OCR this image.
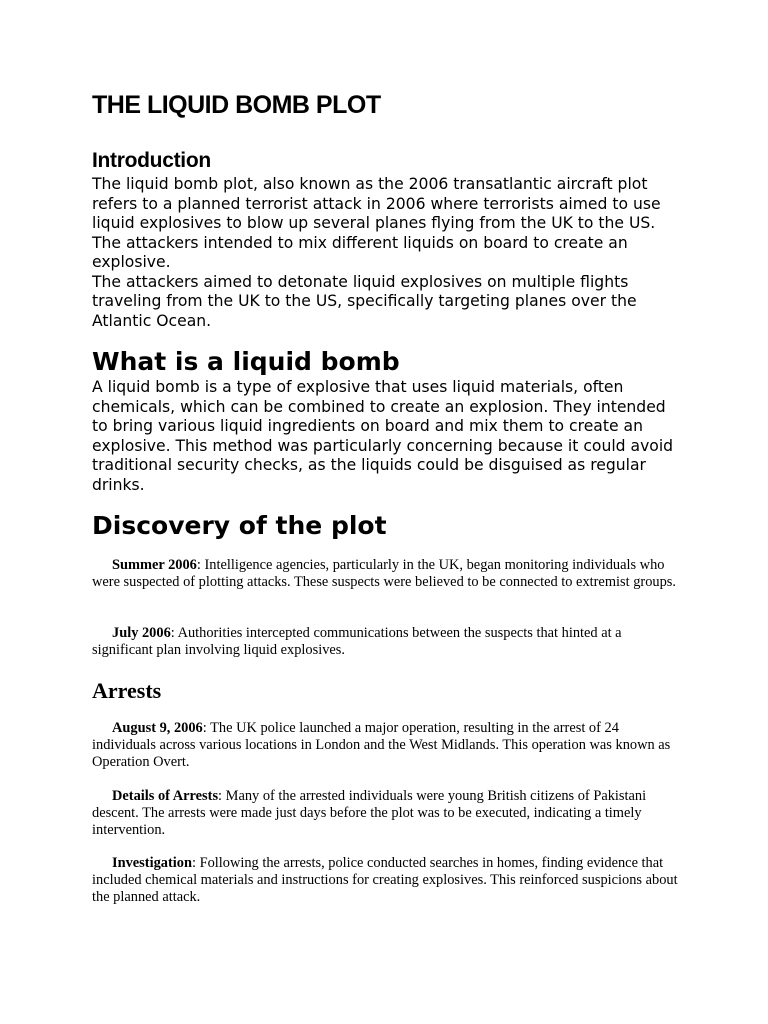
THE LIQUID BOMB PLOT
Introduction

The liquid bomb plot, also known as the 2006 transatlantic aircraft plot refers to a planned terrorist attack in 2006 where terrorists aimed to use liquid explosives to blow up several planes flying from the UK to the US. The attackers intended to mix different liquids on board to create an explosive.

The attackers aimed to detonate liquid explosives on multiple flights traveling from the UK to the US, specifically targeting planes over the Atlantic Ocean.

What is a liquid bomb

A liquid bomb is a type of explosive that uses liquid materials, often chemicals, which can be combined to create an explosion. They intended to bring various liquid ingredients on board and mix them to create an explosive. This method was particularly concerning because it could avoid traditional security checks, as the liquids could be disguised as regular drinks.

Discovery of the plot

Summer 2006: Intelligence agencies, particularly in the UK, began monitoring individuals who were suspected of plotting attacks. These suspects were believed to be connected to extremist groups.

July 2006: Authorities intercepted communications between the suspects that hinted at a significant plan involving liquid explosives.

Arrests

August 9, 2006: The UK police launched a major operation, resulting in the arrest of 24 individuals across various locations in London and the West Midlands. This operation was known as Operation Overt.

Details of Arrests: Many of the arrested individuals were young British citizens of Pakistani descent. The arrests were made just days before the plot was to be executed, indicating a timely intervention.

Investigation: Following the arrests, police conducted searches in homes, finding evidence that included chemical materials and instructions for creating explosives. This reinforced suspicions about the planned attack.
